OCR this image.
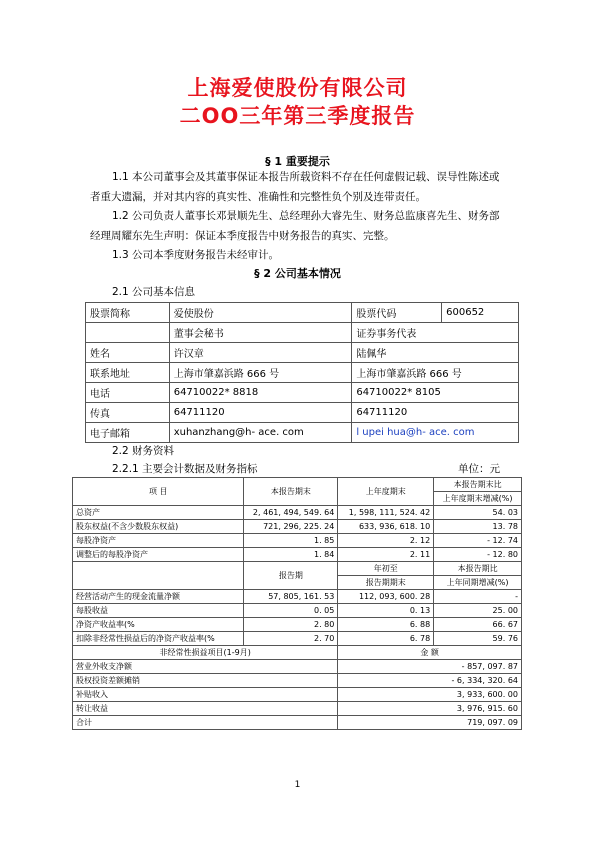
上海爱使股份有限公司
二OO三年第三季度报告
§ 1 重要提示
1.1 本公司董事会及其董事保证本报告所载资料不存在任何虚假记载、误导性陈述或者重大遗漏，并对其内容的真实性、准确性和完整性负个别及连带责任。
1.2 公司负责人董事长邓景顺先生、总经理孙大睿先生、财务总监康喜先生、财务部经理周耀东先生声明：保证本季度报告中财务报告的真实、完整。
1.3 公司本季度财务报告未经审计。
§ 2 公司基本情况
2.1 公司基本信息
股票简称	爱使股份	股票代码	600652
	董事会秘书	证券事务代表	
姓名	许汉章	陆佩华	
联系地址	上海市肇嘉浜路 666 号	上海市肇嘉浜路 666 号	
电话	64710022* 8818	64710022* 8105	
传真	64711120	64711120	
电子邮箱	xuhanzhang@h- ace. com	l upei hua@h- ace. com	
2.2 财务资料
2.2.1 主要会计数据及财务指标	单位：元
项 目	本报告期末	上年度期末	本报告期末比
			上年度期末增减(%)
总资产	2, 461, 494, 549. 64	1, 598, 111, 524. 42	54. 03
股东权益(不含少数股东权益)	721, 296, 225. 24	633, 936, 618. 10	13. 78
每股净资产	1. 85	2. 12	- 12. 74
调整后的每股净资产	1. 84	2. 11	- 12. 80
	报告期	年初至	本报告期比
		报告期期末	上年同期增减(%)
经营活动产生的现金流量净额	57, 805, 161. 53	112, 093, 600. 28	-
每股收益	0. 05	0. 13	25. 00
净资产收益率(%	2. 80	6. 88	66. 67
扣除非经常性损益后的净资产收益率(%	2. 70	6. 78	59. 76
非经常性损益项目(1-9月)		金 额	
营业外收支净额		- 857, 097. 87	
股权投资差额摊销		- 6, 334, 320. 64	
补贴收入		3, 933, 600. 00	
转让收益		3, 976, 915. 60	
合计		719, 097. 09	
1
